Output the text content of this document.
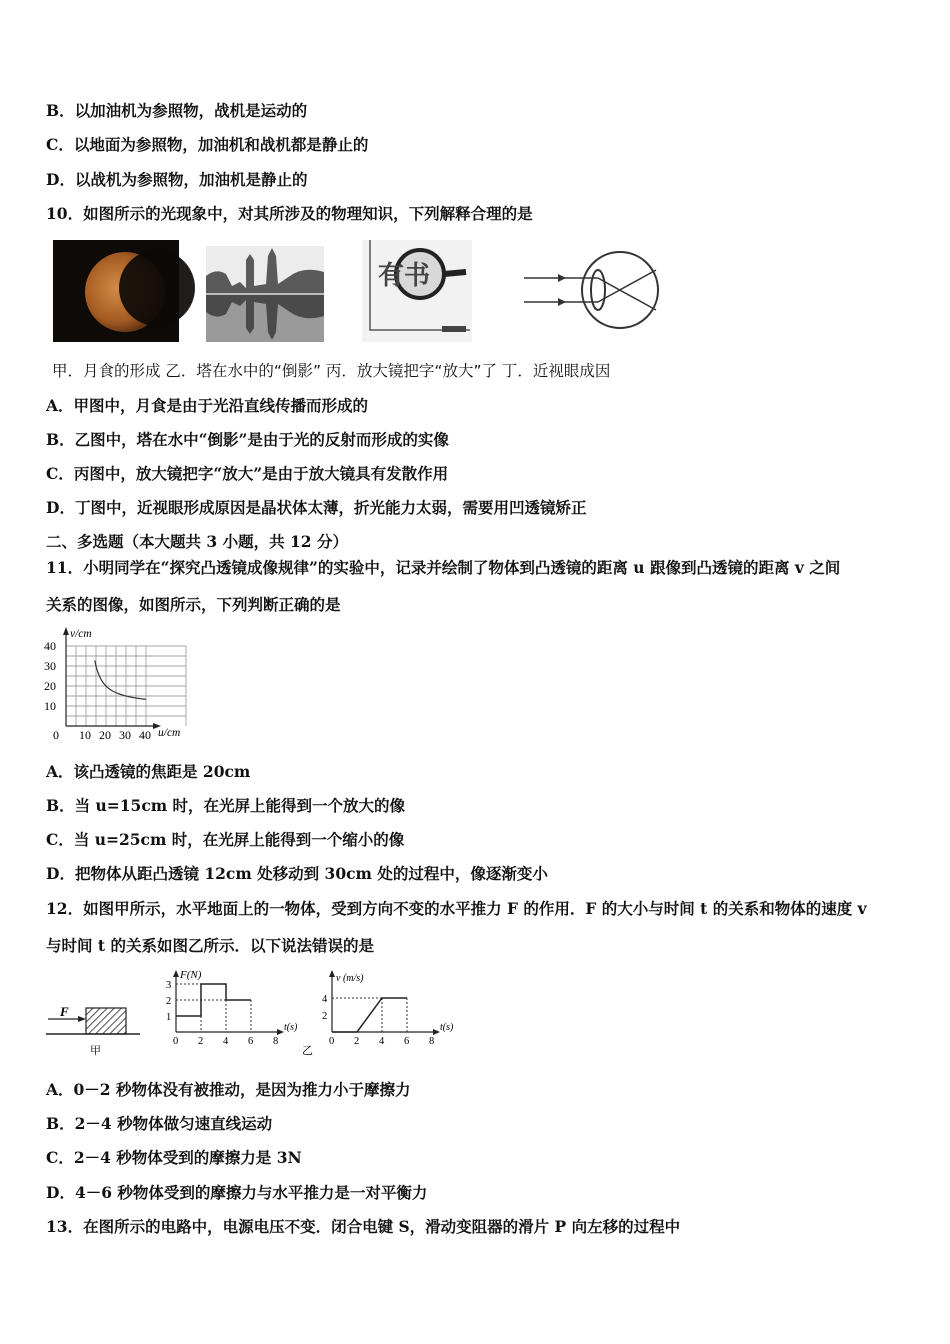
B．以加油机为参照物，战机是运动的
C．以地面为参照物，加油机和战机都是静止的
D．以战机为参照物，加油机是静止的
10．如图所示的光现象中，对其所涉及的物理知识，下列解释合理的是
有书
甲．月食的形成 乙．塔在水中的“倒影” 丙．放大镜把字“放大”了 丁．近视眼成因
A．甲图中，月食是由于光沿直线传播而形成的
B．乙图中，塔在水中“倒影”是由于光的反射而形成的实像
C．丙图中，放大镜把字“放大”是由于放大镜具有发散作用
D．丁图中，近视眼形成原因是晶状体太薄，折光能力太弱，需要用凹透镜矫正
二、多选题（本大题共 3 小题，共 12 分）
11．小明同学在“探究凸透镜成像规律”的实验中，记录并绘制了物体到凸透镜的距离 u 跟像到凸透镜的距离 v 之间
关系的图像，如图所示，下列判断正确的是
v/cm
u/cm
0 10 20 30 40
10
20
30
40
A．该凸透镜的焦距是 20cm
B．当 u=15cm 时，在光屏上能得到一个放大的像
C．当 u=25cm 时，在光屏上能得到一个缩小的像
D．把物体从距凸透镜 12cm 处移动到 30cm 处的过程中，像逐渐变小
12．如图甲所示，水平地面上的一物体，受到方向不变的水平推力 F 的作用．F 的大小与时间 t 的关系和物体的速度 v
与时间 t 的关系如图乙所示．以下说法错误的是
F
甲
F(N)
t(s)
0 2 4 6 8
1
2
3
乙
v (m/s)
t(s)
0 2 4 6 8
2
4
A．0－2 秒物体没有被推动，是因为推力小于摩擦力
B．2－4 秒物体做匀速直线运动
C．2－4 秒物体受到的摩擦力是 3N
D．4－6 秒物体受到的摩擦力与水平推力是一对平衡力
13．在图所示的电路中，电源电压不变．闭合电键 S，滑动变阻器的滑片 P 向左移的过程中
